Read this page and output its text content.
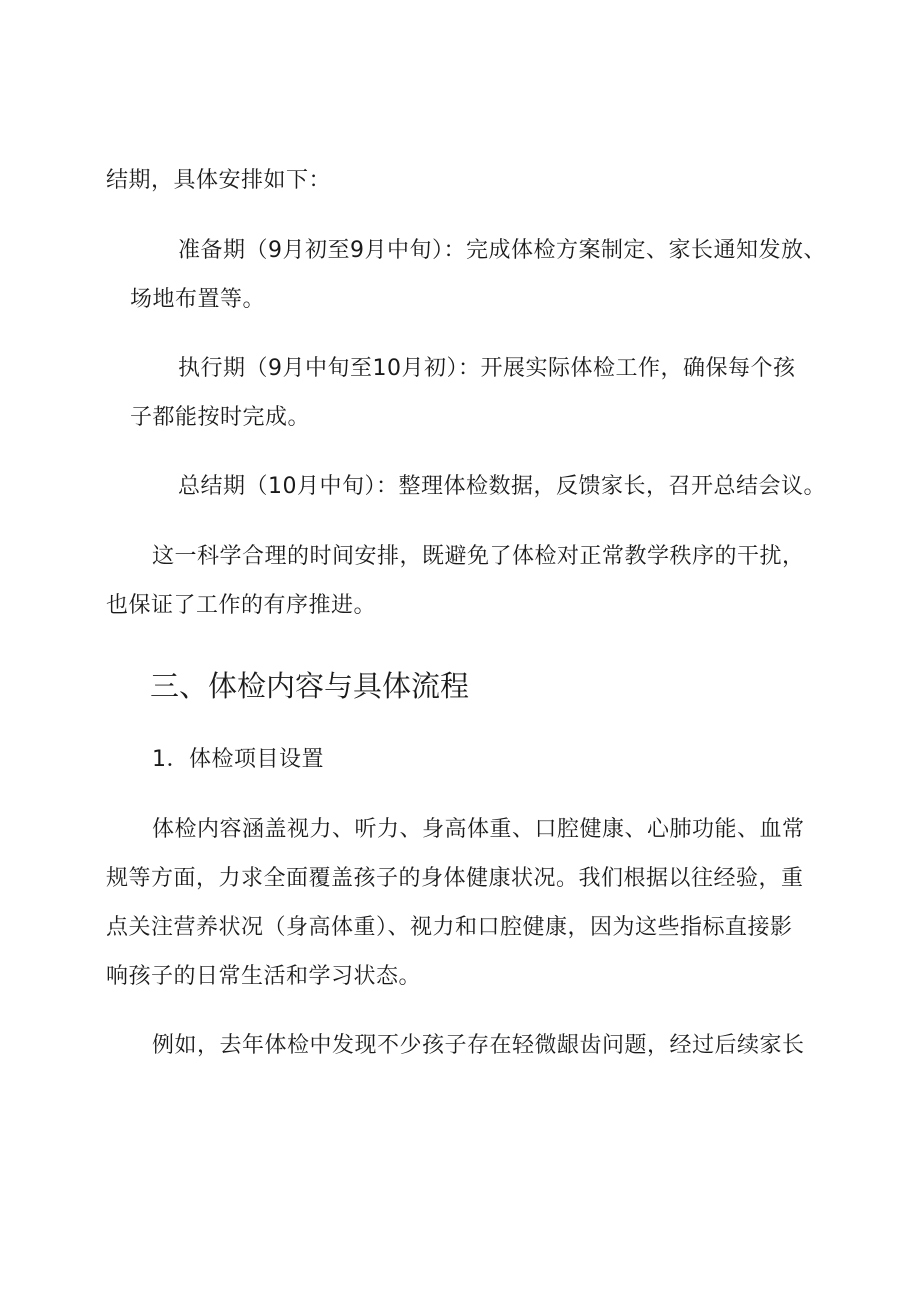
结期，具体安排如下：
准备期（9月初至9月中旬）：完成体检方案制定、家长通知发放、
场地布置等。
执行期（9月中旬至10月初）：开展实际体检工作，确保每个孩
子都能按时完成。
总结期（10月中旬）：整理体检数据，反馈家长，召开总结会议。
这一科学合理的时间安排，既避免了体检对正常教学秩序的干扰，
也保证了工作的有序推进。
三、体检内容与具体流程
1．体检项目设置
体检内容涵盖视力、听力、身高体重、口腔健康、心肺功能、血常
规等方面，力求全面覆盖孩子的身体健康状况。我们根据以往经验，重
点关注营养状况（身高体重）、视力和口腔健康，因为这些指标直接影
响孩子的日常生活和学习状态。
例如，去年体检中发现不少孩子存在轻微龈齿问题，经过后续家长
